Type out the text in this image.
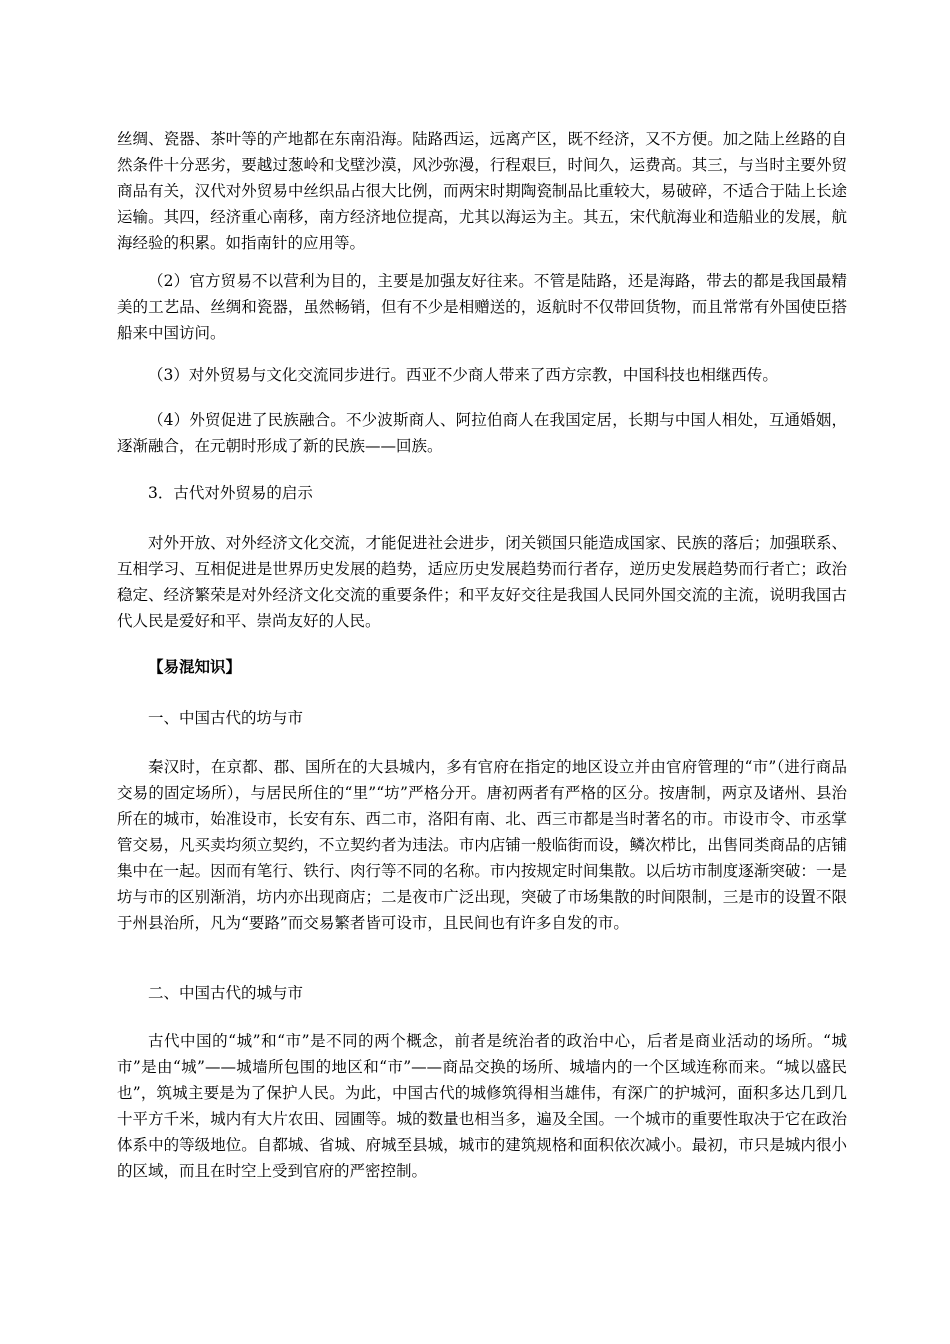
丝绸、瓷器、茶叶等的产地都在东南沿海。陆路西运，远离产区，既不经济，又不方便。加之陆上丝路的自然条件十分恶劣，要越过葱岭和戈壁沙漠，风沙弥漫，行程艰巨，时间久，运费高。其三，与当时主要外贸商品有关，汉代对外贸易中丝织品占很大比例，而两宋时期陶瓷制品比重较大，易破碎，不适合于陆上长途运输。其四，经济重心南移，南方经济地位提高，尤其以海运为主。其五，宋代航海业和造船业的发展，航海经验的积累。如指南针的应用等。

（2）官方贸易不以营利为目的，主要是加强友好往来。不管是陆路，还是海路，带去的都是我国最精美的工艺品、丝绸和瓷器，虽然畅销，但有不少是相赠送的，返航时不仅带回货物，而且常常有外国使臣搭船来中国访问。

（3）对外贸易与文化交流同步进行。西亚不少商人带来了西方宗教，中国科技也相继西传。

（4）外贸促进了民族融合。不少波斯商人、阿拉伯商人在我国定居，长期与中国人相处，互通婚姻，逐渐融合，在元朝时形成了新的民族——回族。

3．古代对外贸易的启示

对外开放、对外经济文化交流，才能促进社会进步，闭关锁国只能造成国家、民族的落后；加强联系、互相学习、互相促进是世界历史发展的趋势，适应历史发展趋势而行者存，逆历史发展趋势而行者亡；政治稳定、经济繁荣是对外经济文化交流的重要条件；和平友好交往是我国人民同外国交流的主流，说明我国古代人民是爱好和平、崇尚友好的人民。

【易混知识】

一、中国古代的坊与市

秦汉时，在京都、郡、国所在的大县城内，多有官府在指定的地区设立并由官府管理的“市”（进行商品交易的固定场所），与居民所住的“里”“坊”严格分开。唐初两者有严格的区分。按唐制，两京及诸州、县治所在的城市，始准设市，长安有东、西二市，洛阳有南、北、西三市都是当时著名的市。市设市令、市丞掌管交易，凡买卖均须立契约，不立契约者为违法。市内店铺一般临街而设，鳞次栉比，出售同类商品的店铺集中在一起。因而有笔行、铁行、肉行等不同的名称。市内按规定时间集散。以后坊市制度逐渐突破：一是坊与市的区别渐消，坊内亦出现商店；二是夜市广泛出现，突破了市场集散的时间限制，三是市的设置不限于州县治所，凡为“要路”而交易繁者皆可设市，且民间也有许多自发的市。

二、中国古代的城与市

古代中国的“城”和“市”是不同的两个概念，前者是统治者的政治中心，后者是商业活动的场所。“城市”是由“城”——城墙所包围的地区和“市”——商品交换的场所、城墙内的一个区域连称而来。“城以盛民也”，筑城主要是为了保护人民。为此，中国古代的城修筑得相当雄伟，有深广的护城河，面积多达几到几十平方千米，城内有大片农田、园圃等。城的数量也相当多，遍及全国。一个城市的重要性取决于它在政治体系中的等级地位。自都城、省城、府城至县城，城市的建筑规格和面积依次减小。最初，市只是城内很小的区域，而且在时空上受到官府的严密控制。
